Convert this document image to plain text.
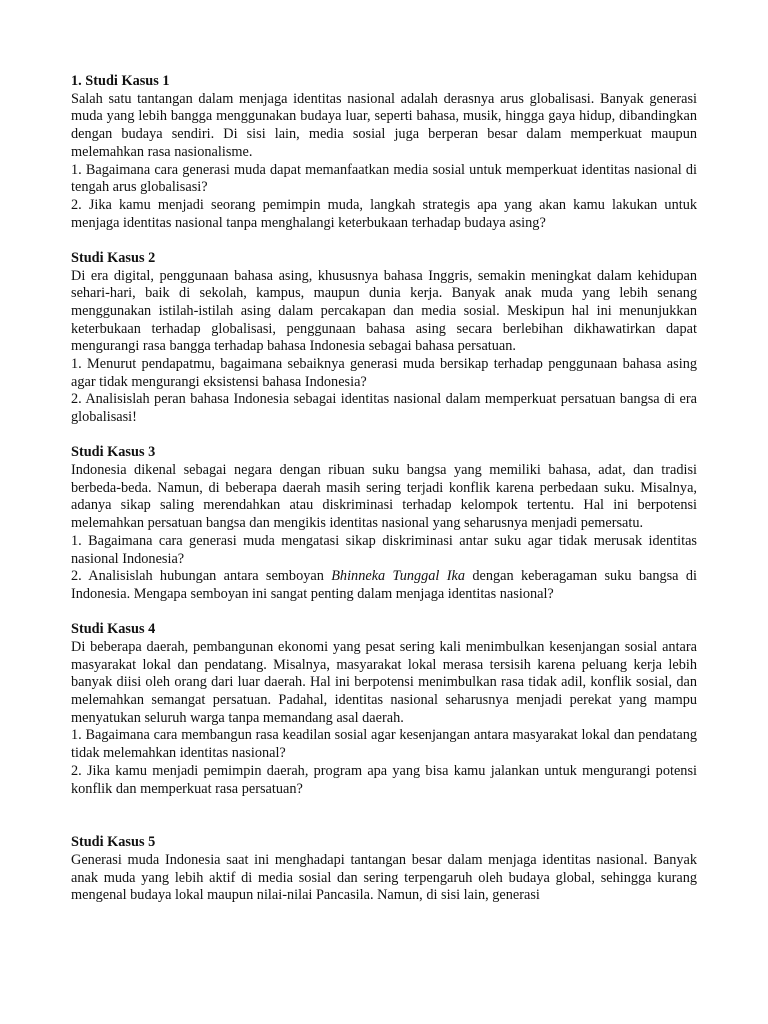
1. Studi Kasus 1

Salah satu tantangan dalam menjaga identitas nasional adalah derasnya arus globalisasi. Banyak generasi muda yang lebih bangga menggunakan budaya luar, seperti bahasa, musik, hingga gaya hidup, dibandingkan dengan budaya sendiri. Di sisi lain, media sosial juga berperan besar dalam memperkuat maupun melemahkan rasa nasionalisme.

1. Bagaimana cara generasi muda dapat memanfaatkan media sosial untuk memperkuat identitas nasional di tengah arus globalisasi?

2. Jika kamu menjadi seorang pemimpin muda, langkah strategis apa yang akan kamu lakukan untuk menjaga identitas nasional tanpa menghalangi keterbukaan terhadap budaya asing?

Studi Kasus 2

Di era digital, penggunaan bahasa asing, khususnya bahasa Inggris, semakin meningkat dalam kehidupan sehari-hari, baik di sekolah, kampus, maupun dunia kerja. Banyak anak muda yang lebih senang menggunakan istilah-istilah asing dalam percakapan dan media sosial. Meskipun hal ini menunjukkan keterbukaan terhadap globalisasi, penggunaan bahasa asing secara berlebihan dikhawatirkan dapat mengurangi rasa bangga terhadap bahasa Indonesia sebagai bahasa persatuan.

1. Menurut pendapatmu, bagaimana sebaiknya generasi muda bersikap terhadap penggunaan bahasa asing agar tidak mengurangi eksistensi bahasa Indonesia?

2. Analisislah peran bahasa Indonesia sebagai identitas nasional dalam memperkuat persatuan bangsa di era globalisasi!

Studi Kasus 3

Indonesia dikenal sebagai negara dengan ribuan suku bangsa yang memiliki bahasa, adat, dan tradisi berbeda-beda. Namun, di beberapa daerah masih sering terjadi konflik karena perbedaan suku. Misalnya, adanya sikap saling merendahkan atau diskriminasi terhadap kelompok tertentu. Hal ini berpotensi melemahkan persatuan bangsa dan mengikis identitas nasional yang seharusnya menjadi pemersatu.

1. Bagaimana cara generasi muda mengatasi sikap diskriminasi antar suku agar tidak merusak identitas nasional Indonesia?

2. Analisislah hubungan antara semboyan Bhinneka Tunggal Ika dengan keberagaman suku bangsa di Indonesia. Mengapa semboyan ini sangat penting dalam menjaga identitas nasional?

Studi Kasus 4

Di beberapa daerah, pembangunan ekonomi yang pesat sering kali menimbulkan kesenjangan sosial antara masyarakat lokal dan pendatang. Misalnya, masyarakat lokal merasa tersisih karena peluang kerja lebih banyak diisi oleh orang dari luar daerah. Hal ini berpotensi menimbulkan rasa tidak adil, konflik sosial, dan melemahkan semangat persatuan. Padahal, identitas nasional seharusnya menjadi perekat yang mampu menyatukan seluruh warga tanpa memandang asal daerah.

1. Bagaimana cara membangun rasa keadilan sosial agar kesenjangan antara masyarakat lokal dan pendatang tidak melemahkan identitas nasional?

2. Jika kamu menjadi pemimpin daerah, program apa yang bisa kamu jalankan untuk mengurangi potensi konflik dan memperkuat rasa persatuan?

Studi Kasus 5

Generasi muda Indonesia saat ini menghadapi tantangan besar dalam menjaga identitas nasional. Banyak anak muda yang lebih aktif di media sosial dan sering terpengaruh oleh budaya global, sehingga kurang mengenal budaya lokal maupun nilai-nilai Pancasila. Namun, di sisi lain, generasi
